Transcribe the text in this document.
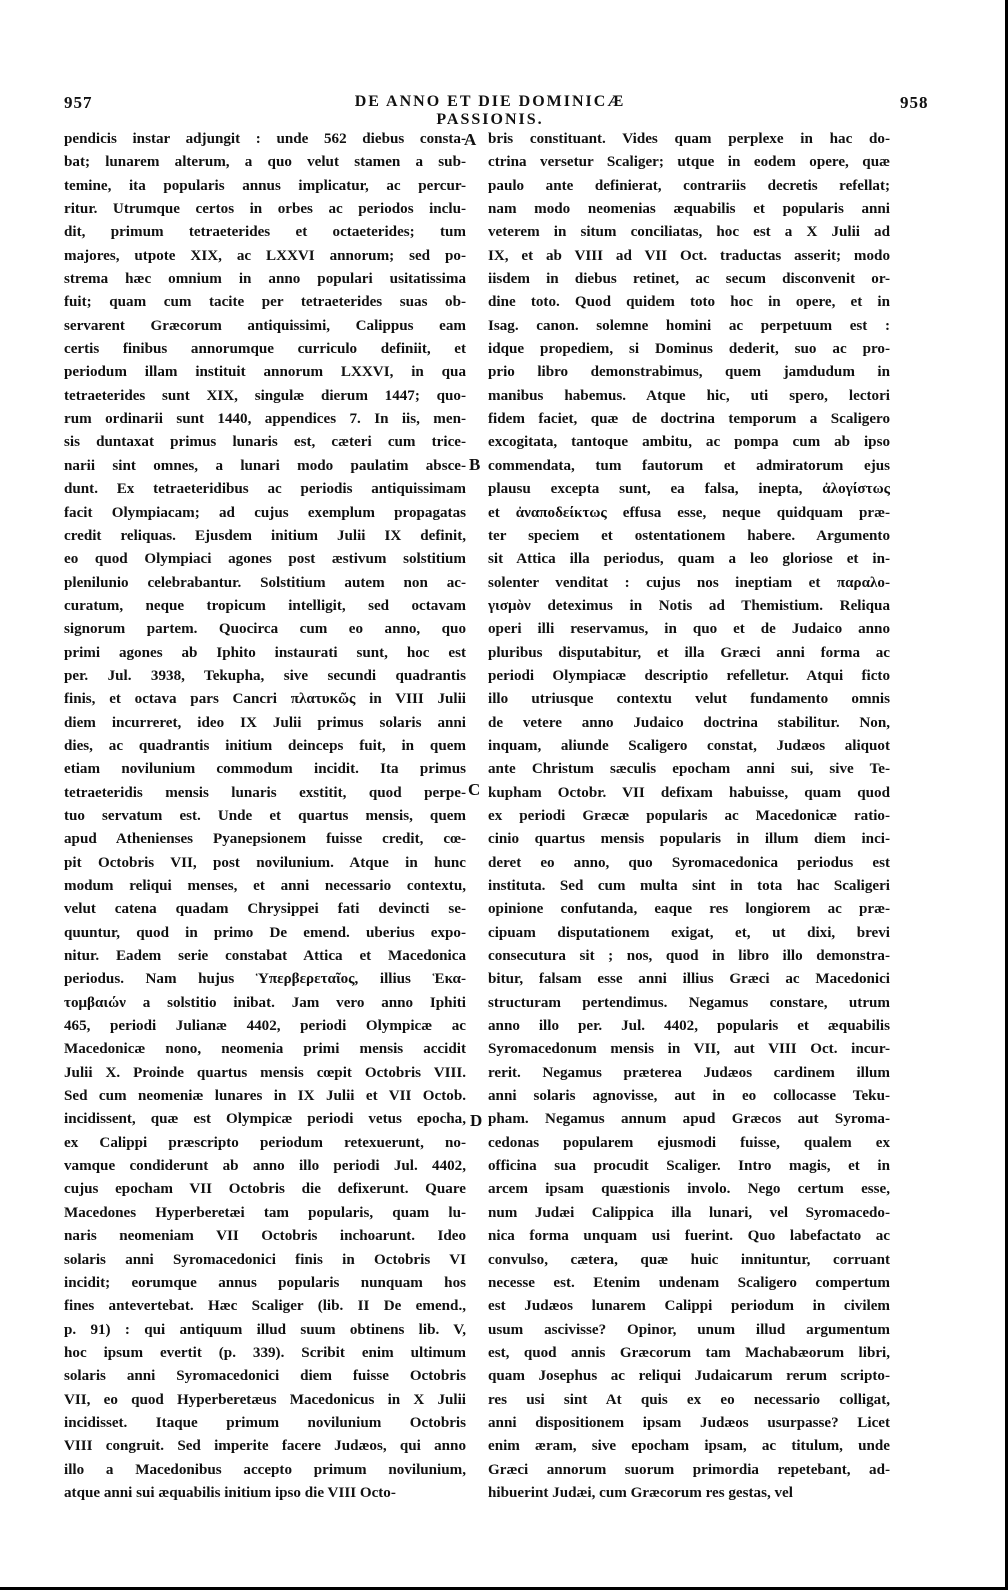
957	DE ANNO ET DIE DOMINICÆ PASSIONIS.
958
A
B
C
D
pendicis instar adjungit : unde 562 diebus consta-
bat; lunarem alterum, a quo velut stamen a sub-
temine, ita popularis annus implicatur, ac percur-
ritur. Utrumque certos in orbes ac periodos inclu-
dit, primum tetraeterides et octaeterides; tum
majores, utpote XIX, ac LXXVI annorum; sed po-
stremа hæc omnium in anno populari usitatissima
fuit; quam cum tacite per tetraeterides suas ob-
servarent Græcorum antiquissimi, Calippus eam
certis finibus annorumque curriculo definiit, et
periodum illam instituit annorum LXXVI, in qua
tetraeterides sunt XIX, singulæ dierum 1447; quo-
rum ordinarii sunt 1440, appendices 7. In iis, men-
sis duntaxat primus lunaris est, cæteri cum trice-
narii sint omnes, a lunari modo paulatim absce-
dunt. Ex tetraeteridibus ac periodis antiquissimam
facit Olympiacam; ad cujus exemplum propagatas
credit reliquas. Ejusdem initium Julii IX definit,
eo quod Olympiaci agones post æstivum solstitium
plenilunio celebrabantur. Solstitium autem non ac-
curatum, neque tropicum intelligit, sed octavam
signorum partem. Quocirca cum eo anno, quo
primi agones ab Iphito instaurati sunt, hoc est
per. Jul. 3938, Tekupha, sive secundi quadrantis
finis, et octava pars Cancri πλατυκῶς in VIII Julii
diem incurreret, ideo IX Julii primus solaris anni
dies, ac quadrantis initium deinceps fuit, in quem
etiam novilunium commodum incidit. Ita primus
tetraeteridis mensis lunaris exstitit, quod perpe-
tuo servatum est. Unde et quartus mensis, quem
apud Athenienses Pyanepsionem fuisse credit, cœ-
pit Octobris VII, post novilunium. Atque in hunc
modum reliqui menses, et anni necessario contextu,
velut catena quadam Chrysippei fati devincti se-
quuntur, quod in primo De emend. uberius expo-
nitur. Eadem serie constabat Attica et Macedonica
periodus. Nam hujus Ὑπερβερεταῖος, illius Ἑκα-
τομβαιών a solstitio inibat. Jam vero anno Iphiti
465, periodi Julianæ 4402, periodi Olympicæ ac
Macedonicæ nono, neomenia primi mensis accidit
Julii X. Proinde quartus mensis cœpit Octobris VIII.
Sed cum neomeniæ lunares in IX Julii et VII Octob.
incidissent, quæ est Olympicæ periodi vetus epocha,
ex Calippi præscripto periodum retexuerunt, no-
vamque condiderunt ab anno illo periodi Jul. 4402,
cujus epocham VII Octobris die defixerunt. Quare
Macedones Hyperberetæi tam popularis, quam lu-
naris neomeniam VII Octobris inchoarunt. Ideo
solaris anni Syromacedonici finis in Octobris VI
incidit; eorumque annus popularis nunquam hos
fines antevertebat. Hæc Scaliger (lib. II De emend.,
p. 91) : qui antiquum illud suum obtinens lib. V,
hoc ipsum evertit (p. 339). Scribit enim ultimum
solaris anni Syromacedonici diem fuisse Octobris
VII, eo quod Hyperberetæus Macedonicus in X Julii
incidisset. Itaque primum novilunium Octobris
VIII congruit. Sed imperite facere Judæos, qui anno
illo a Macedonibus accepto primum novilunium,
atque anni sui æquabilis initium ipso die VIII Octo-
bris constituant. Vides quam perplexe in hac do-
ctrina versetur Scaliger; utque in eodem opere, quæ
paulo ante definierat, contrariis decretis refellat;
nam modo neomenias æquabilis et popularis anni
veterem in situm conciliatas, hoc est a X Julii ad
IX, et ab VIII ad VII Oct. traductas asserit; modo
iisdem in diebus retinet, ac secum disconvenit or-
dine toto. Quod quidem toto hoc in opere, et in
Isag. canon. solemne homini ac perpetuum est :
idque propediem, si Dominus dederit, suo ac pro-
prio libro demonstrabimus, quem jamdudum in
manibus habemus. Atque hic, uti spero, lectori
fidem faciet, quæ de doctrina temporum a Scaligero
excogitata, tantoque ambitu, ac pompa cum ab ipso
commendata, tum fautorum et admiratorum ejus
plausu excepta sunt, ea falsa, inepta, ἀλογίστως
et ἀναποδείκτως effusa esse, neque quidquam præ-
ter speciem et ostentationem habere. Argumento
sit Attica illa periodus, quam a leo gloriose et in-
solenter venditat : cujus nos ineptiam et παραλο-
γισμὸν deteximus in Notis ad Themistium. Reliqua
operi illi reservamus, in quo et de Judaico anno
pluribus disputabitur, et illa Græci anni forma ac
periodi Olympiacæ descriptio refelletur. Atqui ficto
illo utriusque contextu velut fundamento omnis
de vetere anno Judaico doctrina stabilitur. Non,
inquam, aliunde Scaligero constat, Judæos aliquot
ante Christum sæculis epocham anni sui, sive Te-
kupham Octobr. VII defixam habuisse, quam quod
ex periodi Græcæ popularis ac Macedonicæ ratio-
cinio quartus mensis popularis in illum diem inci-
deret eo anno, quo Syromacedonica periodus est
instituta. Sed cum multa sint in tota hac Scaligeri
opinione confutanda, eaque res longiorem ac præ-
cipuam disputationem exigat, et, ut dixi, brevi
consecutura sit ; nos, quod in libro illo demonstra-
bitur, falsam esse anni illius Græci ac Macedonici
structuram pertendimus. Negamus constare, utrum
anno illo per. Jul. 4402, popularis et æquabilis
Syromacedonum mensis in VII, aut VIII Oct. incur-
rerit. Negamus præterea Judæos cardinem illum
anni solaris agnovisse, aut in eo collocasse Teku-
pham. Negamus annum apud Græcos aut Syroma-
cedonas popularem ejusmodi fuisse, qualem ex
officina sua procudit Scaliger. Intro magis, et in
arcem ipsam quæstionis involo. Nego certum esse,
num Judæi Calippica illa lunari, vel Syromacedo-
nica forma unquam usi fuerint. Quo labefactato ac
convulso, cætera, quæ huic innituntur, corruant
necesse est. Etenim undenam Scaligero compertum
est Judæos lunarem Calippi periodum in civilem
usum ascivisse? Opinor, unum illud argumentum
est, quod annis Græcorum tam Machabæorum libri,
quam Josephus ac reliqui Judaicarum rerum scripto-
res usi sint At quis ex eo necessario colligat,
anni dispositionem ipsam Judæos usurpasse? Licet
enim æram, sive epocham ipsam, ac titulum, unde
Græci annorum suorum primordia repetebant, ad-
hibuerint Judæi, cum Græcorum res gestas, vel
